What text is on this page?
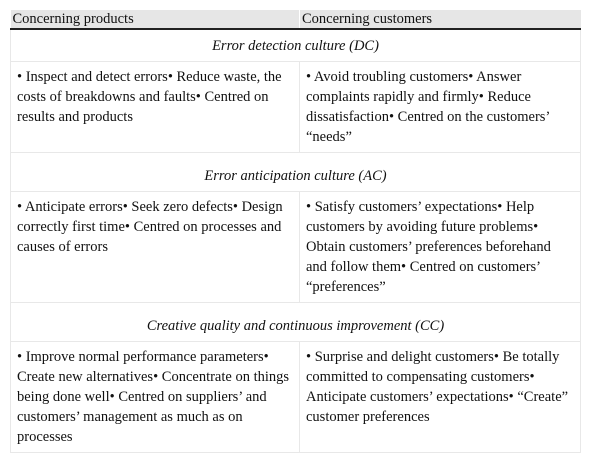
Concerning products	Concerning customers
Error detection culture (DC)	
• Inspect and detect errors• Reduce waste, the costs of breakdowns and faults• Centred on results and products	• Avoid troubling customers• Answer complaints rapidly and firmly• Reduce dissatisfaction• Centred on the customers’ “needs”

Error anticipation culture (AC)	
• Anticipate errors• Seek zero defects• Design correctly first time• Centred on processes and causes of errors	• Satisfy customers’ expectations• Help customers by avoiding future problems• Obtain customers’ preferences beforehand and follow them• Centred on customers’ “preferences”

Creative quality and continuous improvement (CC)	
• Improve normal performance parameters• Create new alternatives• Concentrate on things being done well• Centred on suppliers’ and customers’ management as much as on processes	• Surprise and delight customers• Be totally committed to compensating customers• Anticipate customers’ expectations• “Create” customer preferences
